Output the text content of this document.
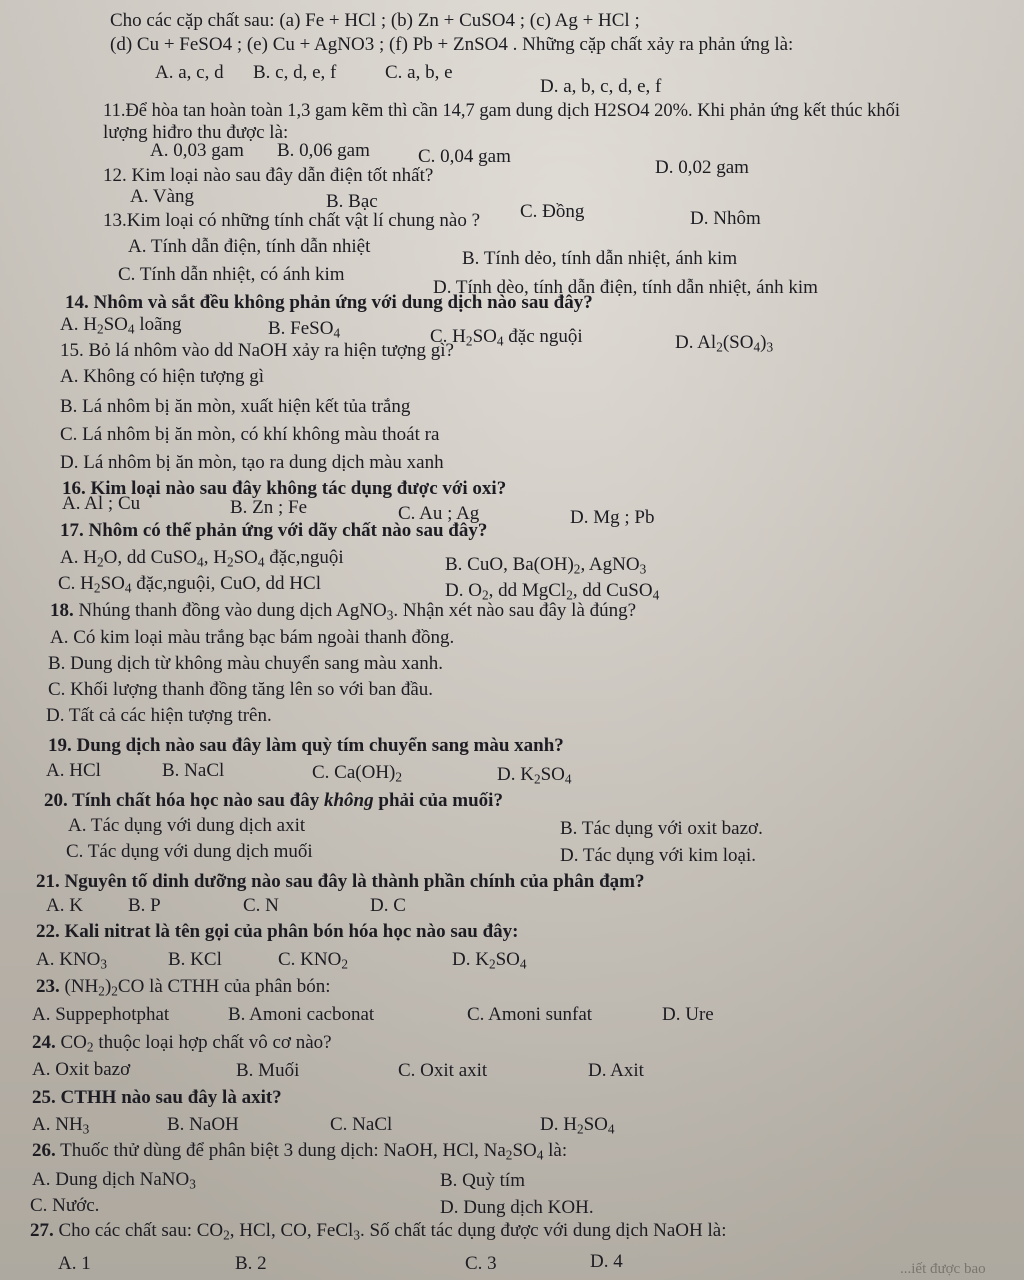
Cho các cặp chất sau: (a) Fe + HCl ; (b) Zn + CuSO4 ; (c) Ag + HCl ;
(d) Cu + FeSO4 ; (e) Cu + AgNO3 ; (f) Pb + ZnSO4 . Những cặp chất xảy ra phản ứng là:
A. a, c, d B. c, d, e, f	C. a, b, e
D. a, b, c, d, e, f
11.Để hòa tan hoàn toàn 1,3 gam kẽm thì cần 14,7 gam dung dịch H2SO4 20%. Khi phản ứng kết thúc khối
lượng hiđro thu được là:
A. 0,03 gam B. 0,06 gam	C. 0,04 gam
D. 0,02 gam
12. Kim loại nào sau đây dẫn điện tốt nhất?
A. Vàng	B. Bạc	C. Đồng	D. Nhôm
13.Kim loại có những tính chất vật lí chung nào ?
A. Tính dẫn điện, tính dẫn nhiệt
B. Tính dẻo, tính dẫn nhiệt, ánh kim
C. Tính dẫn nhiệt, có ánh kim
D. Tính dèo, tính dẫn điện, tính dẫn nhiệt, ánh kim
14. Nhôm và sắt đều không phản ứng với dung dịch nào sau đây?
A. $H_2SO_4$ loãng	B. FeSO$_4$	C. $H_2SO_4$ đặc nguội	D. $Al_2(SO_4)_3$
15. Bỏ lá nhôm vào dd NaOH xảy ra hiện tượng gì?
A. Không có hiện tượng gì
B. Lá nhôm bị ăn mòn, xuất hiện kết tủa trắng
C. Lá nhôm bị ăn mòn, có khí không màu thoát ra
D. Lá nhôm bị ăn mòn, tạo ra dung dịch màu xanh
16. Kim loại nào sau đây không tác dụng được với oxi?
A. Al ; Cu	B. Zn ; Fe	C. Au ; Ag	D. Mg ; Pb
17. Nhôm có thể phản ứng với dãy chất nào sau đây?
A. $H_2O$, dd CuSO$_4$, $H_2SO_4$ đặc,nguội	B. CuO, $Ba(OH)_2$, AgNO$_3$
C. $H_2SO_4$ đặc,nguội, CuO, dd HCl	D. $O_2$, dd MgCl$_2$, dd CuSO$_4$
18. Nhúng thanh đồng vào dung dịch AgNO$_3$. Nhận xét nào sau đây là đúng?
A. Có kim loại màu trắng bạc bám ngoài thanh đồng.
B. Dung dịch từ không màu chuyển sang màu xanh.
C. Khối lượng thanh đồng tăng lên so với ban đầu.
D. Tất cả các hiện tượng trên.
19. Dung dịch nào sau đây làm quỳ tím chuyển sang màu xanh?
A. HCl	B. NaCl	C. $Ca(OH)_2$	D. $K_2SO_4$
20. Tính chất hóa học nào sau đây không phải của muối?
A. Tác dụng với dung dịch axit	B. Tác dụng với oxit bazơ.
C. Tác dụng với dung dịch muối	D. Tác dụng với kim loại.
21. Nguyên tố dinh dưỡng nào sau đây là thành phần chính của phân đạm?
A. K B. P	C. N	D. C
22. Kali nitrat là tên gọi của phân bón hóa học nào sau đây:
A. $KNO_3$	B. KCl	C. $KNO_2$	D. $K_2SO_4$
23. $(NH_2)_2CO$ là CTHH của phân bón:
A. Suppephotphat	B. Amoni cacbonat	C. Amoni sunfat	D. Ure
24. $CO_2$ thuộc loại hợp chất vô cơ nào?
A. Oxit bazơ	B. Muối	C. Oxit axit	D. Axit
25. CTHH nào sau đây là axit?
A. $NH_3$	B. NaOH	C. NaCl	D. $H_2SO_4$
26. Thuốc thử dùng để phân biệt 3 dung dịch: NaOH, HCl, $Na_2SO_4$ là:
A. Dung dịch NaNO$_3$	B. Quỳ tím
C. Nước.	D. Dung dịch KOH.
27. Cho các chất sau: $CO_2$, HCl, CO, FeCl$_3$. Số chất tác dụng được với dung dịch NaOH là:
A. 1	B. 2	C. 3	D. 4	...iết được bao
